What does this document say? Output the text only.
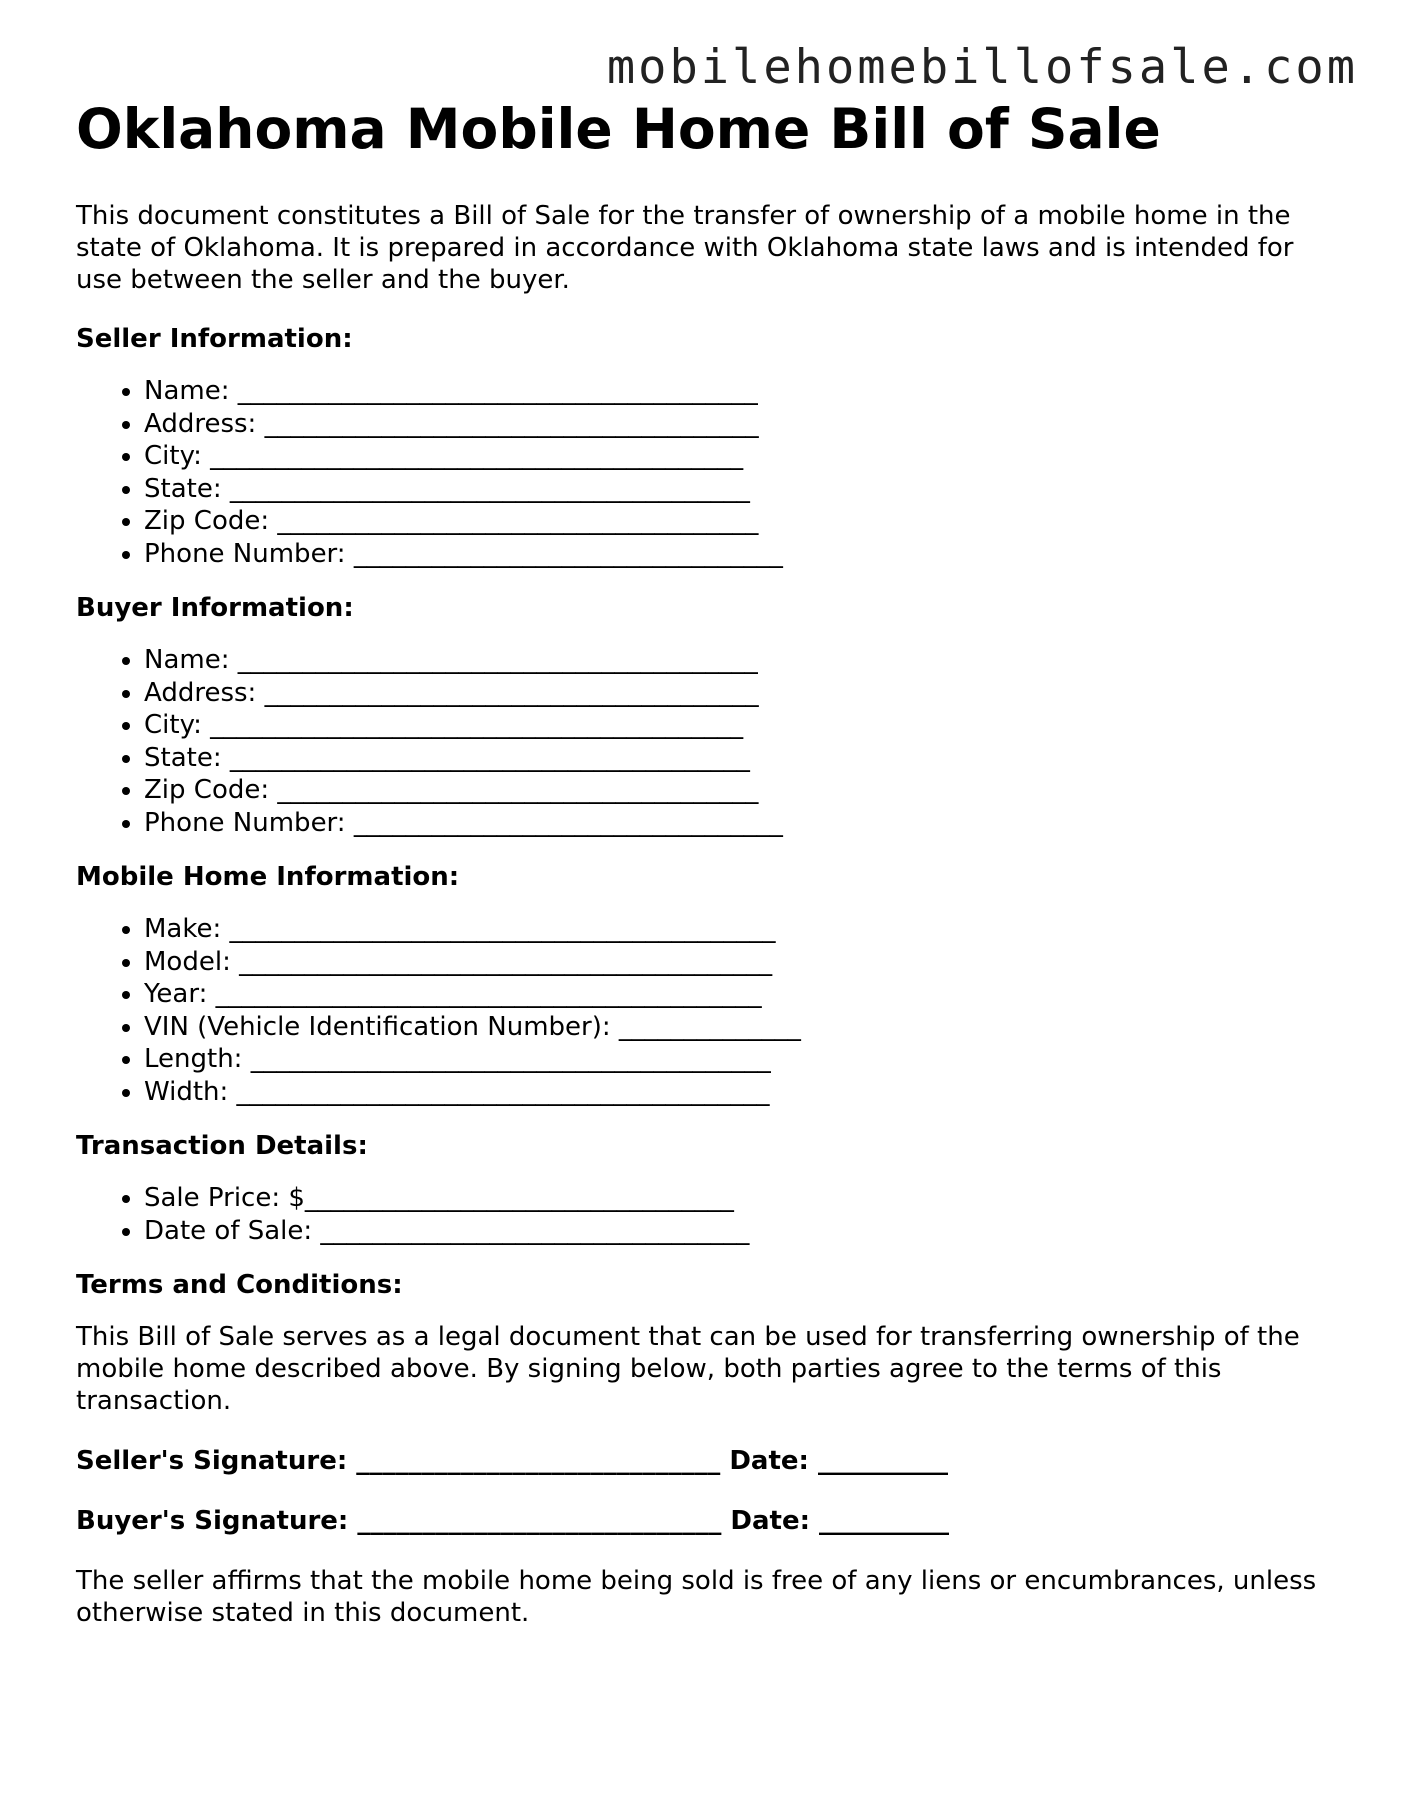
mobilehomebillofsale.com
Oklahoma Mobile Home Bill of Sale

This document constitutes a Bill of Sale for the transfer of ownership of a mobile home in the state of Oklahoma. It is prepared in accordance with Oklahoma state laws and is intended for use between the seller and the buyer.

Seller Information:
• Name: ________________________________________
• Address: ______________________________________
• City: _________________________________________
• State: ________________________________________
• Zip Code: _____________________________________
• Phone Number: _________________________________
Buyer Information:
• Name: ________________________________________
• Address: ______________________________________
• City: _________________________________________
• State: ________________________________________
• Zip Code: _____________________________________
• Phone Number: _________________________________
Mobile Home Information:
• Make: __________________________________________
• Model: _________________________________________
• Year: __________________________________________
• VIN (Vehicle Identification Number): ______________
• Length: ________________________________________
• Width: _________________________________________
Transaction Details:
• Sale Price: $_________________________________
• Date of Sale: _________________________________
Terms and Conditions:

This Bill of Sale serves as a legal document that can be used for transferring ownership of the mobile home described above. By signing below, both parties agree to the terms of this transaction.

Seller's Signature: ____________________________ Date: __________

Buyer's Signature: ____________________________ Date: __________

The seller affirms that the mobile home being sold is free of any liens or encumbrances, unless otherwise stated in this document.
